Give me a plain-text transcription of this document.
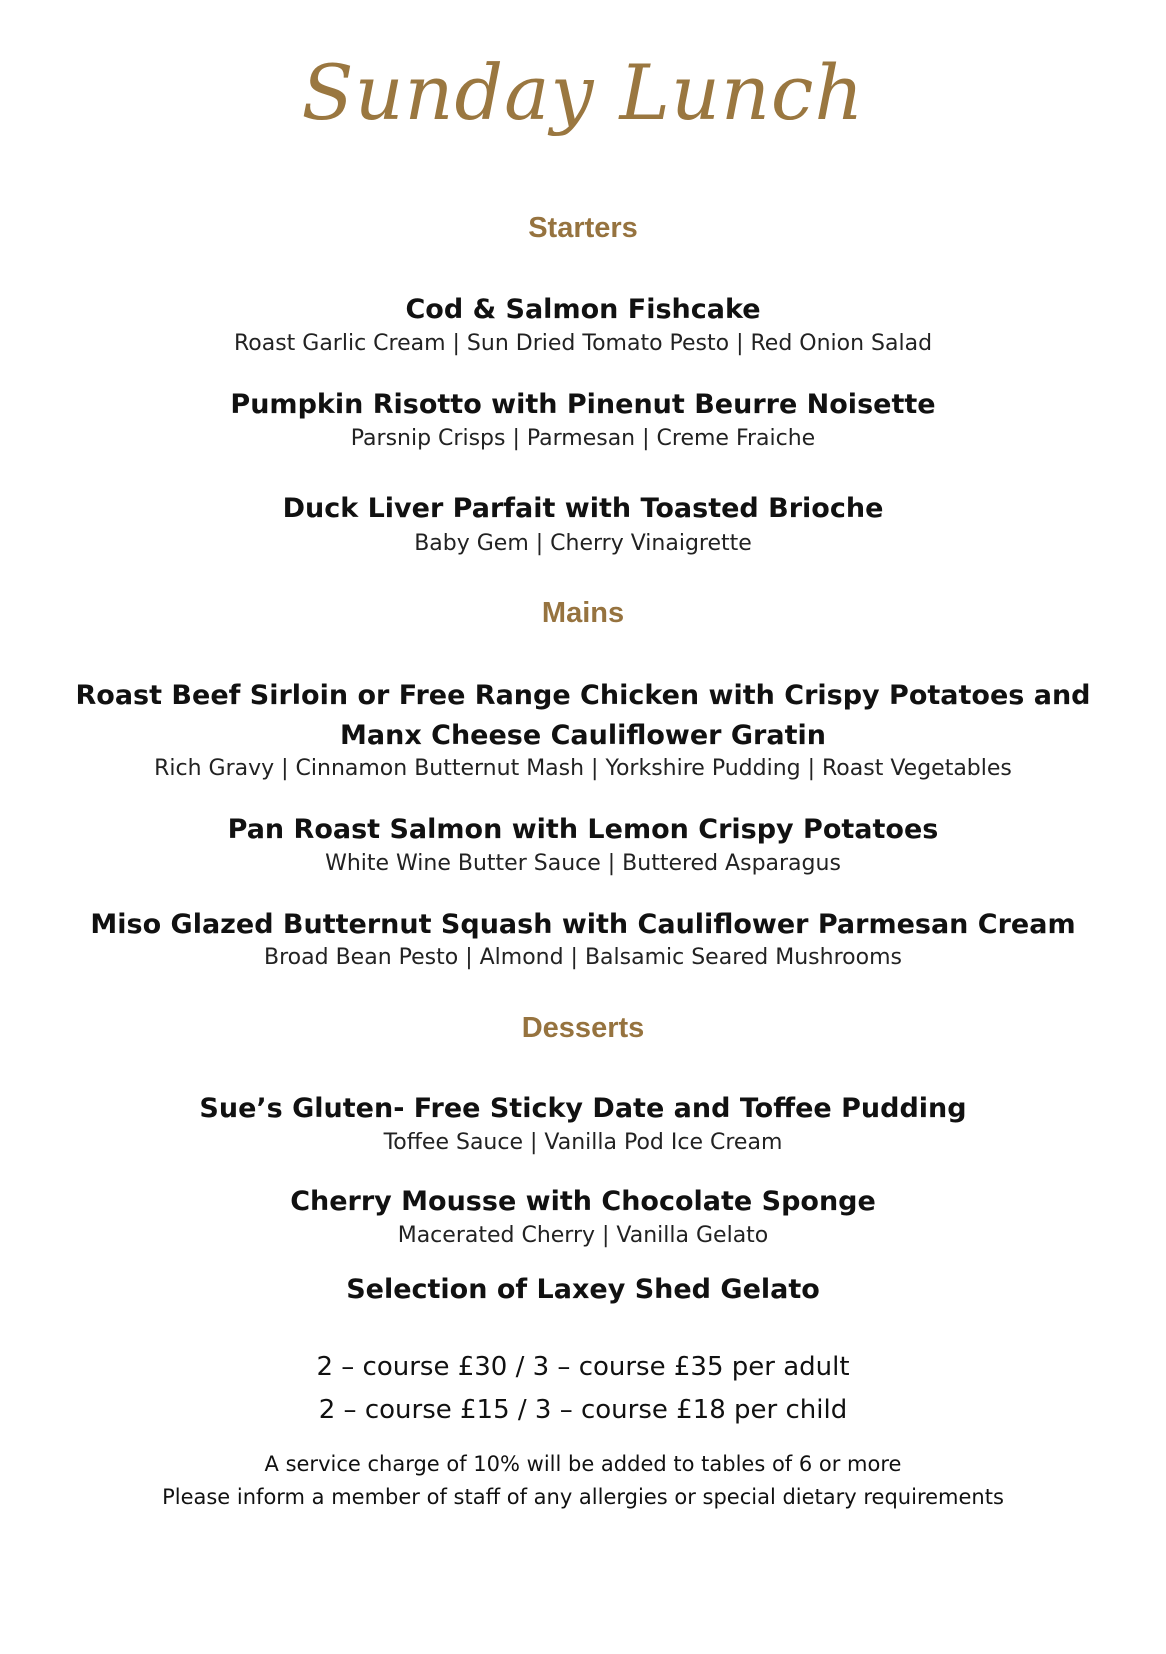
Sunday Lunch
Starters
Cod & Salmon Fishcake
Roast Garlic Cream | Sun Dried Tomato Pesto | Red Onion Salad
Pumpkin Risotto with Pinenut Beurre Noisette
Parsnip Crisps | Parmesan | Creme Fraiche
Duck Liver Parfait with Toasted Brioche
Baby Gem | Cherry Vinaigrette
Mains
Roast Beef Sirloin or Free Range Chicken with Crispy Potatoes and
Manx Cheese Cauliflower Gratin
Rich Gravy | Cinnamon Butternut Mash | Yorkshire Pudding | Roast Vegetables
Pan Roast Salmon with Lemon Crispy Potatoes
White Wine Butter Sauce | Buttered Asparagus
Miso Glazed Butternut Squash with Cauliflower Parmesan Cream
Broad Bean Pesto | Almond | Balsamic Seared Mushrooms
Desserts
Sue’s Gluten- Free Sticky Date and Toffee Pudding
Toffee Sauce | Vanilla Pod Ice Cream
Cherry Mousse with Chocolate Sponge
Macerated Cherry | Vanilla Gelato
Selection of Laxey Shed Gelato
2 – course £30 / 3 – course £35 per adult
2 – course £15 / 3 – course £18 per child
A service charge of 10% will be added to tables of 6 or more
Please inform a member of staff of any allergies or special dietary requirements
